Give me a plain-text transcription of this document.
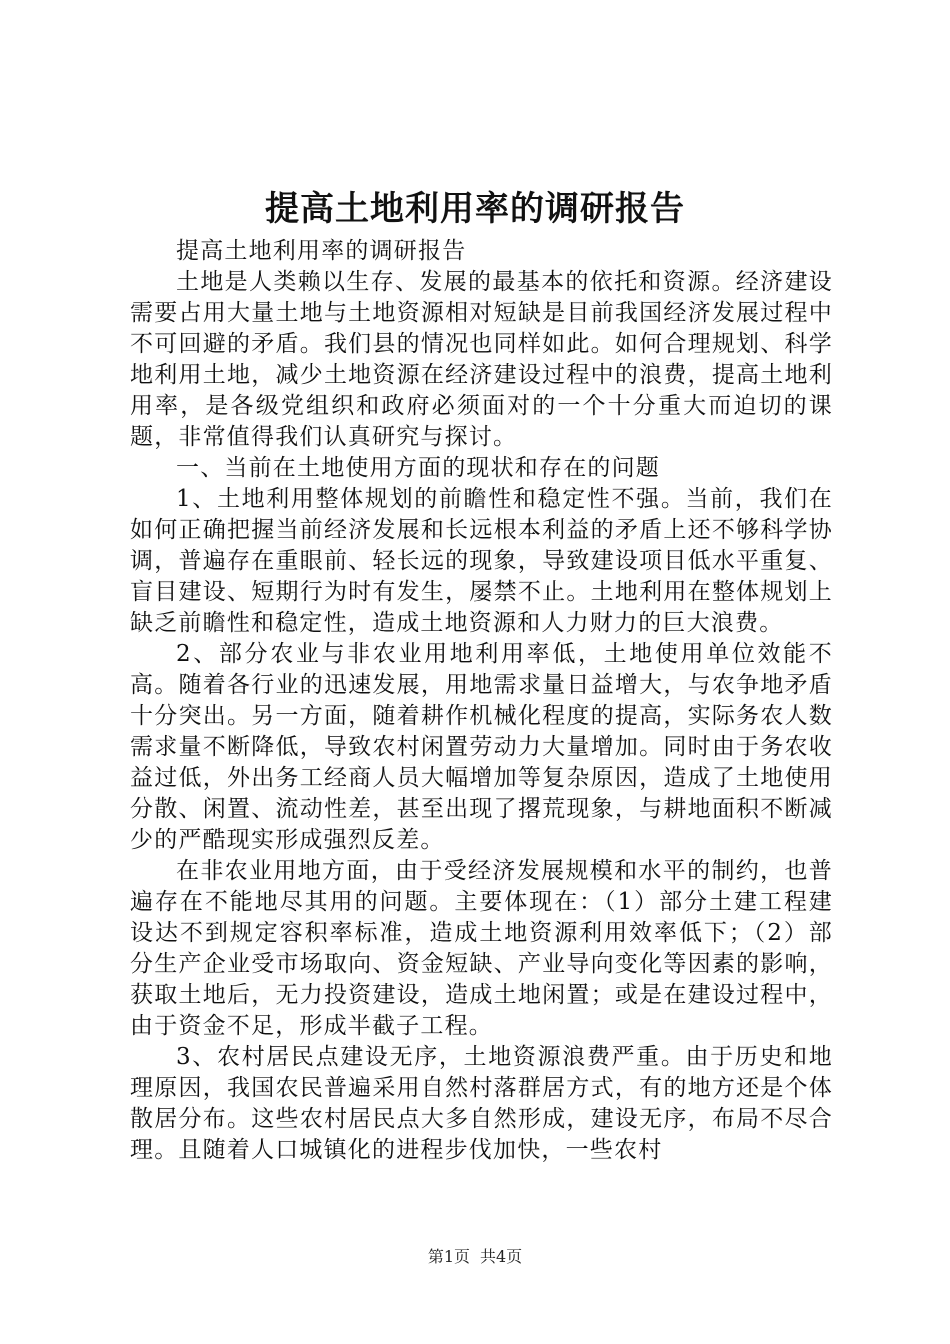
提高土地利用率的调研报告

提高土地利用率的调研报告

土地是人类赖以生存、发展的最基本的依托和资源。经济建设需要占用大量土地与土地资源相对短缺是目前我国经济发展过程中不可回避的矛盾。我们县的情况也同样如此。如何合理规划、科学地利用土地，减少土地资源在经济建设过程中的浪费，提高土地利用率，是各级党组织和政府必须面对的一个十分重大而迫切的课题，非常值得我们认真研究与探讨。

一、当前在土地使用方面的现状和存在的问题

1、土地利用整体规划的前瞻性和稳定性不强。当前，我们在如何正确把握当前经济发展和长远根本利益的矛盾上还不够科学协调，普遍存在重眼前、轻长远的现象，导致建设项目低水平重复、盲目建设、短期行为时有发生，屡禁不止。土地利用在整体规划上缺乏前瞻性和稳定性，造成土地资源和人力财力的巨大浪费。

2、部分农业与非农业用地利用率低，土地使用单位效能不高。随着各行业的迅速发展，用地需求量日益增大，与农争地矛盾十分突出。另一方面，随着耕作机械化程度的提高，实际务农人数需求量不断降低，导致农村闲置劳动力大量增加。同时由于务农收益过低，外出务工经商人员大幅增加等复杂原因，造成了土地使用分散、闲置、流动性差，甚至出现了撂荒现象，与耕地面积不断减少的严酷现实形成强烈反差。

在非农业用地方面，由于受经济发展规模和水平的制约，也普遍存在不能地尽其用的问题。主要体现在：（1）部分土建工程建设达不到规定容积率标准，造成土地资源利用效率低下；（2）部分生产企业受市场取向、资金短缺、产业导向变化等因素的影响，获取土地后，无力投资建设，造成土地闲置；或是在建设过程中，由于资金不足，形成半截子工程。

3、农村居民点建设无序，土地资源浪费严重。由于历史和地理原因，我国农民普遍采用自然村落群居方式，有的地方还是个体散居分布。这些农村居民点大多自然形成，建设无序，布局不尽合理。且随着人口城镇化的进程步伐加快，一些农村

第1页 共4页
